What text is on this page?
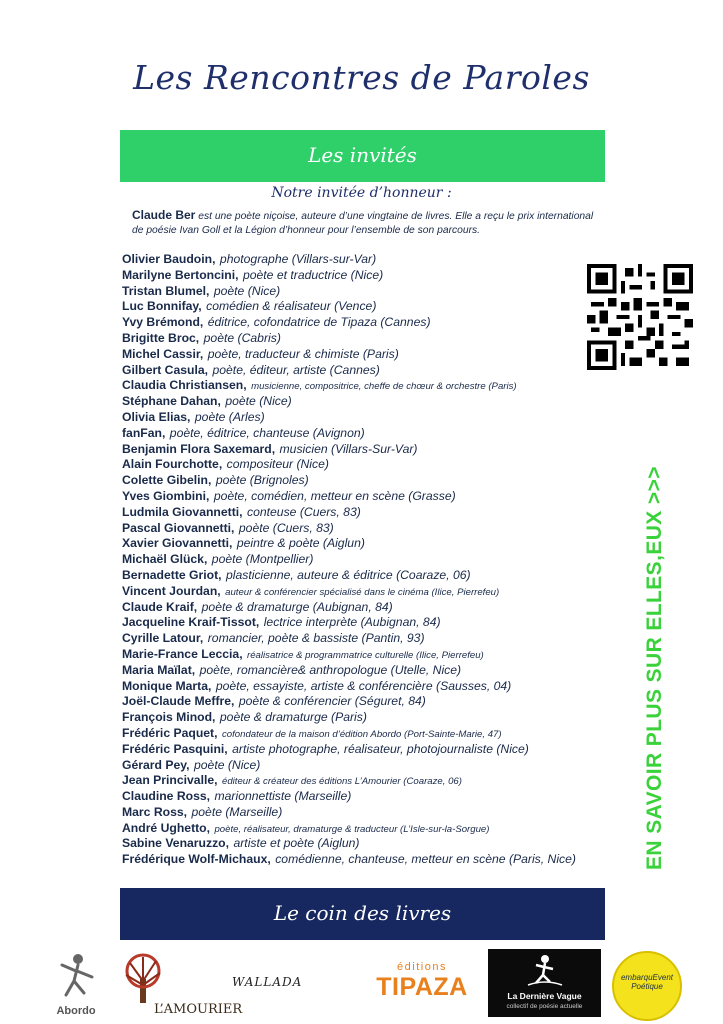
Les Rencontres de Paroles
Les invités
Notre invitée d’honneur :
Claude Ber est une poète niçoise, auteure d’une vingtaine de livres. Elle a reçu le prix international de poésie Ivan Goll et la Légion d’honneur pour l’ensemble de son parcours.
Olivier Baudoin, photographe (Villars-sur-Var)
Marilyne Bertoncini, poète et traductrice (Nice)
Tristan Blumel, poète (Nice)
Luc Bonnifay, comédien & réalisateur (Vence)
Yvy Brémond, éditrice, cofondatrice de Tipaza (Cannes)
Brigitte Broc, poète (Cabris)
Michel Cassir, poète, traducteur & chimiste (Paris)
Gilbert Casula, poète, éditeur, artiste (Cannes)
Claudia Christiansen, musicienne, compositrice, cheffe de chœur & orchestre (Paris)
Stéphane Dahan, poète (Nice)
Olivia Elias, poète (Arles)
fanFan, poète, éditrice, chanteuse (Avignon)
Benjamin Flora Saxemard, musicien (Villars-Sur-Var)
Alain Fourchotte, compositeur (Nice)
Colette Gibelin, poète (Brignoles)
Yves Giombini, poète, comédien, metteur en scène (Grasse)
Ludmila Giovannetti, conteuse (Cuers, 83)
Pascal Giovannetti, poète (Cuers, 83)
Xavier Giovannetti, peintre & poète (Aiglun)
Michaël Glück, poète (Montpellier)
Bernadette Griot, plasticienne, auteure & éditrice (Coaraze, 06)
Vincent Jourdan, auteur & conférencier spécialisé dans le cinéma (Ilice, Pierrefeu)
Claude Kraif, poète & dramaturge (Aubignan, 84)
Jacqueline Kraif-Tissot, lectrice interprète (Aubignan, 84)
Cyrille Latour, romancier, poète & bassiste (Pantin, 93)
Marie-France Leccia, réalisatrice & programmatrice culturelle (Ilice, Pierrefeu)
Maria Maïlat, poète, romancière& anthropologue (Utelle, Nice)
Monique Marta, poète, essayiste, artiste & conférencière (Sausses, 04)
Joël-Claude Meffre, poète & conférencier (Séguret, 84)
François Minod, poète & dramaturge (Paris)
Frédéric Paquet, cofondateur de la maison d’édition Abordo (Port-Sainte-Marie, 47)
Frédéric Pasquini, artiste photographe, réalisateur, photojournaliste (Nice)
Gérard Pey, poète (Nice)
Jean Princivalle, éditeur & créateur des éditions L’Amourier (Coaraze, 06)
Claudine Ross, marionnettiste (Marseille)
Marc Ross, poète (Marseille)
André Ughetto, poète, réalisateur, dramaturge & traducteur (L’Isle-sur-la-Sorgue)
Sabine Venaruzzo, artiste et poète (Aiglun)
Frédérique Wolf-Michaux, comédienne, chanteuse, metteur en scène (Paris, Nice)	EN SAVOIR PLUS SUR ELLES,EUX >>>
Le coin des livres
Abordo	L’AMOURIER
WALLADA
éditions
TIPAZA	La Dernière Vague
collectif de poésie actuelle
embarquEvent Poétique
